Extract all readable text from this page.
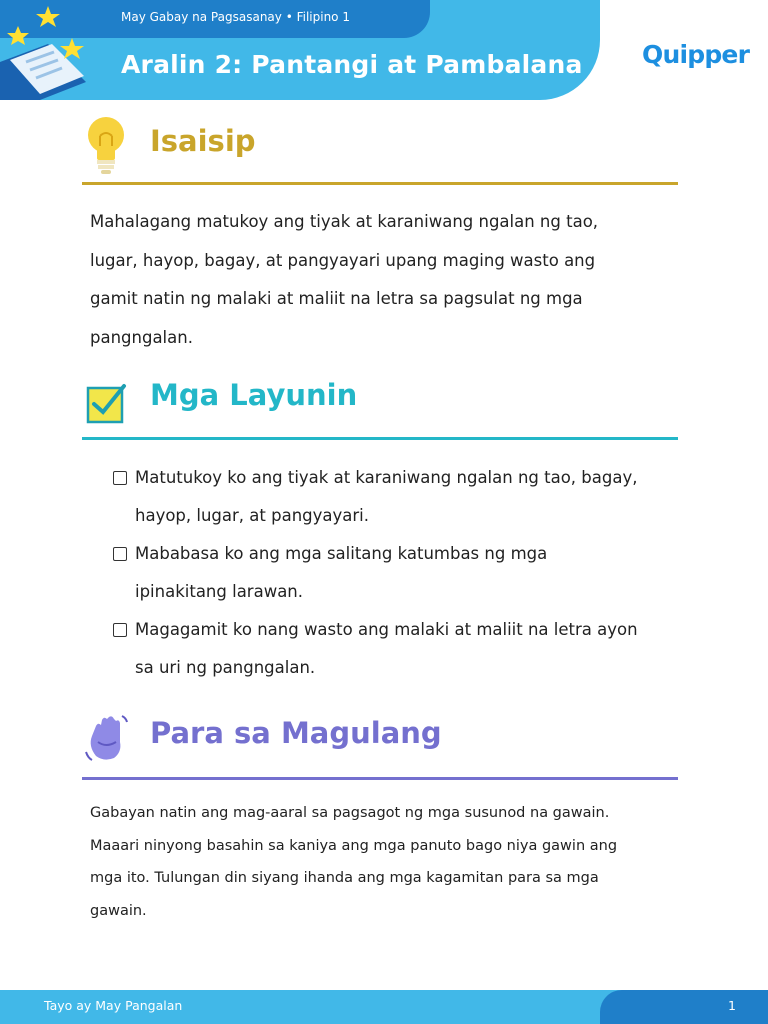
May Gabay na Pagsasanay • Filipino 1
Aralin 2: Pantangi at Pambalana Quipper
Isaisip
Mahalagang matukoy ang tiyak at karaniwang ngalan ng tao,
lugar, hayop, bagay, at pangyayari upang maging wasto ang
gamit natin ng malaki at maliit na letra sa pagsulat ng mga
pangngalan.
Mga Layunin
Matutukoy ko ang tiyak at karaniwang ngalan ng tao, bagay,
hayop, lugar, at pangyayari.
Mababasa ko ang mga salitang katumbas ng mga
ipinakitang larawan.
Magagamit ko nang wasto ang malaki at maliit na letra ayon
sa uri ng pangngalan.
Para sa Magulang
Gabayan natin ang mag-aaral sa pagsagot ng mga susunod na gawain.
Maaari ninyong basahin sa kaniya ang mga panuto bago niya gawin ang
mga ito. Tulungan din siyang ihanda ang mga kagamitan para sa mga
gawain.
Tayo ay May Pangalan	1
